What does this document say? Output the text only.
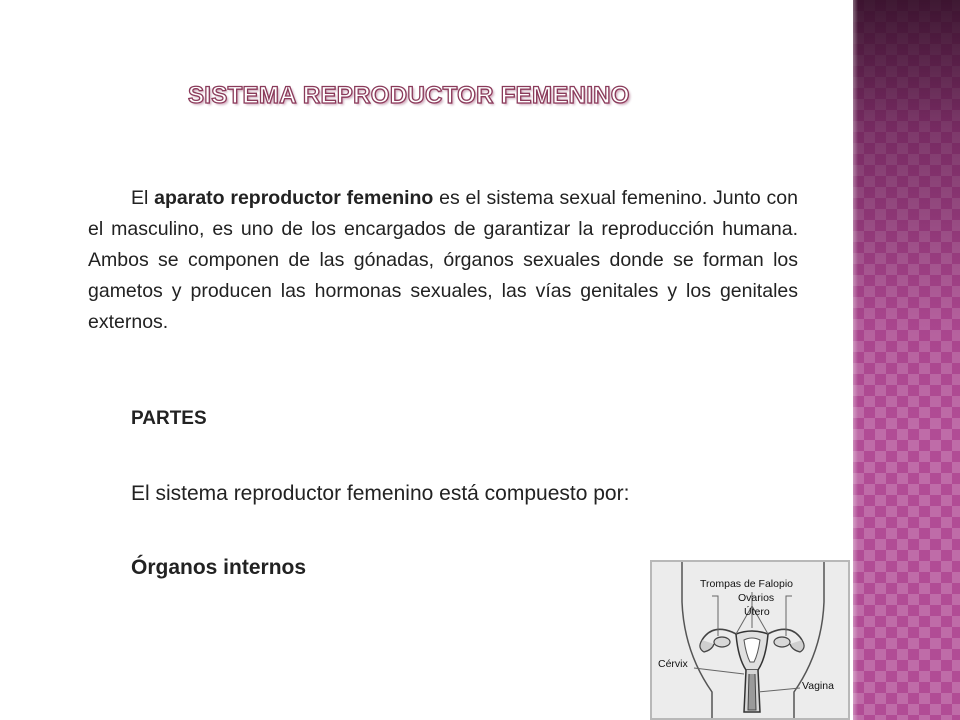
SISTEMA REPRODUCTOR FEMENINO

El aparato reproductor femenino es el sistema sexual femenino. Junto con el masculino, es uno de los encargados de garantizar la reproducción humana. Ambos se componen de las gónadas, órganos sexuales donde se forman los gametos y producen las hormonas sexuales, las vías genitales y los genitales externos.

PARTES
El sistema reproductor femenino está compuesto por:
Órganos internos
Trompas de Falopio
Ovarios
Útero
Cérvix
Vagina
